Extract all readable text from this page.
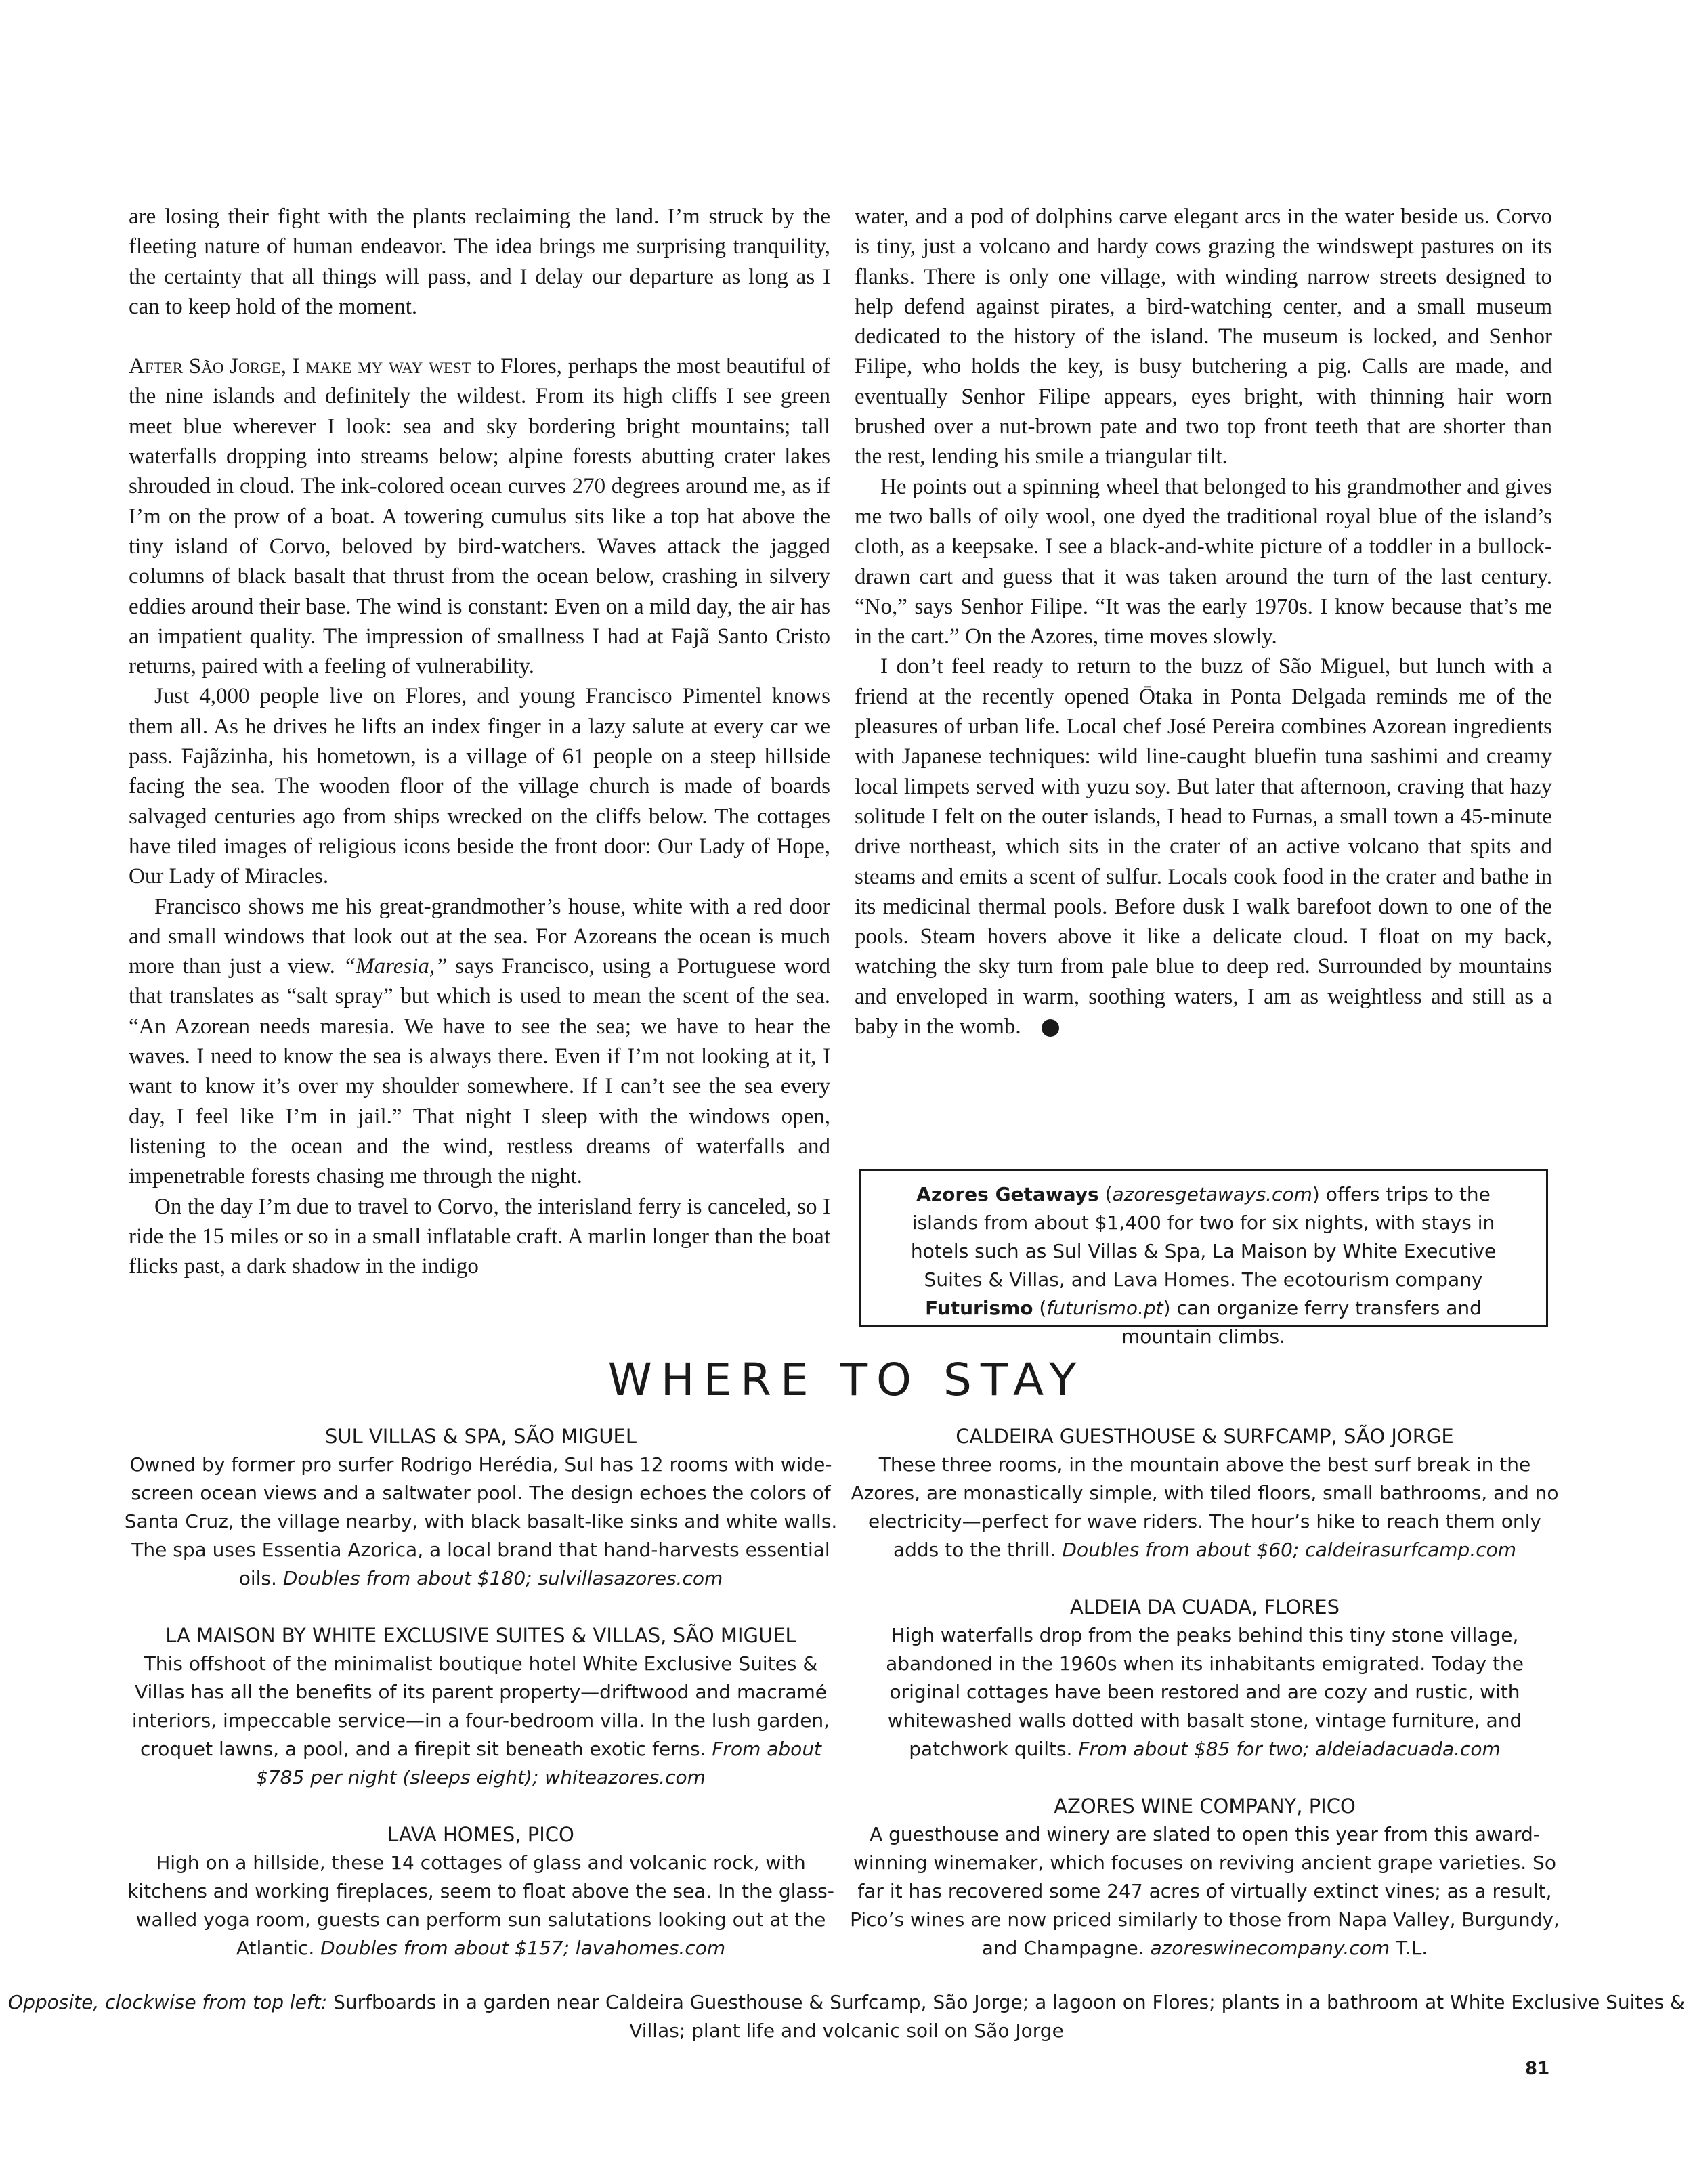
are losing their fight with the plants reclaiming the land. I’m struck by the fleeting nature of human endeavor. The idea brings me surprising tranquility, the certainty that all things will pass, and I delay our departure as long as I can to keep hold of the moment.

After São Jorge, I make my way west to Flores, perhaps the most beautiful of the nine islands and definitely the wildest. From its high cliffs I see green meet blue wherever I look: sea and sky bordering bright mountains; tall waterfalls dropping into streams below; alpine forests abutting crater lakes shrouded in cloud. The ink-colored ocean curves 270 degrees around me, as if I’m on the prow of a boat. A towering cumulus sits like a top hat above the tiny island of Corvo, beloved by bird-watchers. Waves attack the jagged columns of black basalt that thrust from the ocean below, crashing in silvery eddies around their base. The wind is constant: Even on a mild day, the air has an impatient quality. The impression of smallness I had at Fajã Santo Cristo returns, paired with a feeling of vulnerability.

Just 4,000 people live on Flores, and young Francisco Pimentel knows them all. As he drives he lifts an index finger in a lazy salute at every car we pass. Fajãzinha, his hometown, is a village of 61 people on a steep hillside facing the sea. The wooden floor of the village church is made of boards salvaged centuries ago from ships wrecked on the cliffs below. The cottages have tiled images of religious icons beside the front door: Our Lady of Hope, Our Lady of Miracles.

Francisco shows me his great-grandmother’s house, white with a red door and small windows that look out at the sea. For Azoreans the ocean is much more than just a view. “Maresia,” says Francisco, using a Portuguese word that translates as “salt spray” but which is used to mean the scent of the sea. “An Azorean needs maresia. We have to see the sea; we have to hear the waves. I need to know the sea is always there. Even if I’m not looking at it, I want to know it’s over my shoulder somewhere. If I can’t see the sea every day, I feel like I’m in jail.” That night I sleep with the windows open, listening to the ocean and the wind, restless dreams of waterfalls and impenetrable forests chasing me through the night.

On the day I’m due to travel to Corvo, the interisland ferry is canceled, so I ride the 15 miles or so in a small inflatable craft. A marlin longer than the boat flicks past, a dark shadow in the indigo

water, and a pod of dolphins carve elegant arcs in the water beside us. Corvo is tiny, just a volcano and hardy cows grazing the windswept pastures on its flanks. There is only one village, with winding narrow streets designed to help defend against pirates, a bird-watching center, and a small museum dedicated to the history of the island. The museum is locked, and Senhor Filipe, who holds the key, is busy butchering a pig. Calls are made, and eventually Senhor Filipe appears, eyes bright, with thinning hair worn brushed over a nut-brown pate and two top front teeth that are shorter than the rest, lending his smile a triangular tilt.

He points out a spinning wheel that belonged to his grandmother and gives me two balls of oily wool, one dyed the traditional royal blue of the island’s cloth, as a keepsake. I see a black-and-white picture of a toddler in a bullock-drawn cart and guess that it was taken around the turn of the last century. “No,” says Senhor Filipe. “It was the early 1970s. I know because that’s me in the cart.” On the Azores, time moves slowly.

I don’t feel ready to return to the buzz of São Miguel, but lunch with a friend at the recently opened Ōtaka in Ponta Delgada reminds me of the pleasures of urban life. Local chef José Pereira combines Azorean ingredients with Japanese techniques: wild line-caught bluefin tuna sashimi and creamy local limpets served with yuzu soy. But later that afternoon, craving that hazy solitude I felt on the outer islands, I head to Furnas, a small town a 45-minute drive northeast, which sits in the crater of an active volcano that spits and steams and emits a scent of sulfur. Locals cook food in the crater and bathe in its medicinal thermal pools. Before dusk I walk barefoot down to one of the pools. Steam hovers above it like a delicate cloud. I float on my back, watching the sky turn from pale blue to deep red. Surrounded by mountains and enveloped in warm, soothing waters, I am as weightless and still as a baby in the womb.	T

Azores Getaways (azoresgetaways.com) offers trips to the islands from about $1,400 for two for six nights, with stays in hotels such as Sul Villas & Spa, La Maison by White Executive Suites & Villas, and Lava Homes. The ecotourism company Futurismo (futurismo.pt) can organize ferry transfers and mountain climbs.
WHERE TO STAY
SUL VILLAS & SPA, SÃO MIGUEL
Owned by former pro surfer Rodrigo Herédia, Sul has 12 rooms with wide-screen ocean views and a saltwater pool. The design echoes the colors of Santa Cruz, the village nearby, with black basalt-like sinks and white walls. The spa uses Essentia Azorica, a local brand that hand-harvests essential oils. Doubles from about $180; sulvillasazores.com
LA MAISON BY WHITE EXCLUSIVE SUITES & VILLAS, SÃO MIGUEL
This offshoot of the minimalist boutique hotel White Exclusive Suites & Villas has all the benefits of its parent property—driftwood and macramé interiors, impeccable service—in a four-bedroom villa. In the lush garden, croquet lawns, a pool, and a firepit sit beneath exotic ferns. From about $785 per night (sleeps eight); whiteazores.com
LAVA HOMES, PICO
High on a hillside, these 14 cottages of glass and volcanic rock, with kitchens and working fireplaces, seem to float above the sea. In the glass-walled yoga room, guests can perform sun salutations looking out at the Atlantic. Doubles from about $157; lavahomes.com
CALDEIRA GUESTHOUSE & SURFCAMP, SÃO JORGE
These three rooms, in the mountain above the best surf break in the Azores, are monastically simple, with tiled floors, small bathrooms, and no electricity—perfect for wave riders. The hour’s hike to reach them only adds to the thrill. Doubles from about $60; caldeirasurfcamp.com
ALDEIA DA CUADA, FLORES
High waterfalls drop from the peaks behind this tiny stone village, abandoned in the 1960s when its inhabitants emigrated. Today the original cottages have been restored and are cozy and rustic, with whitewashed walls dotted with basalt stone, vintage furniture, and patchwork quilts. From about $85 for two; aldeiadacuada.com
AZORES WINE COMPANY, PICO
A guesthouse and winery are slated to open this year from this award-winning winemaker, which focuses on reviving ancient grape varieties. So far it has recovered some 247 acres of virtually extinct vines; as a result, Pico’s wines are now priced similarly to those from Napa Valley, Burgundy, and Champagne. azoreswinecompany.com T.L.
Opposite, clockwise from top left: Surfboards in a garden near Caldeira Guesthouse & Surfcamp, São Jorge; a lagoon on Flores; plants in a bathroom at White Exclusive Suites & Villas; plant life and volcanic soil on São Jorge
81
